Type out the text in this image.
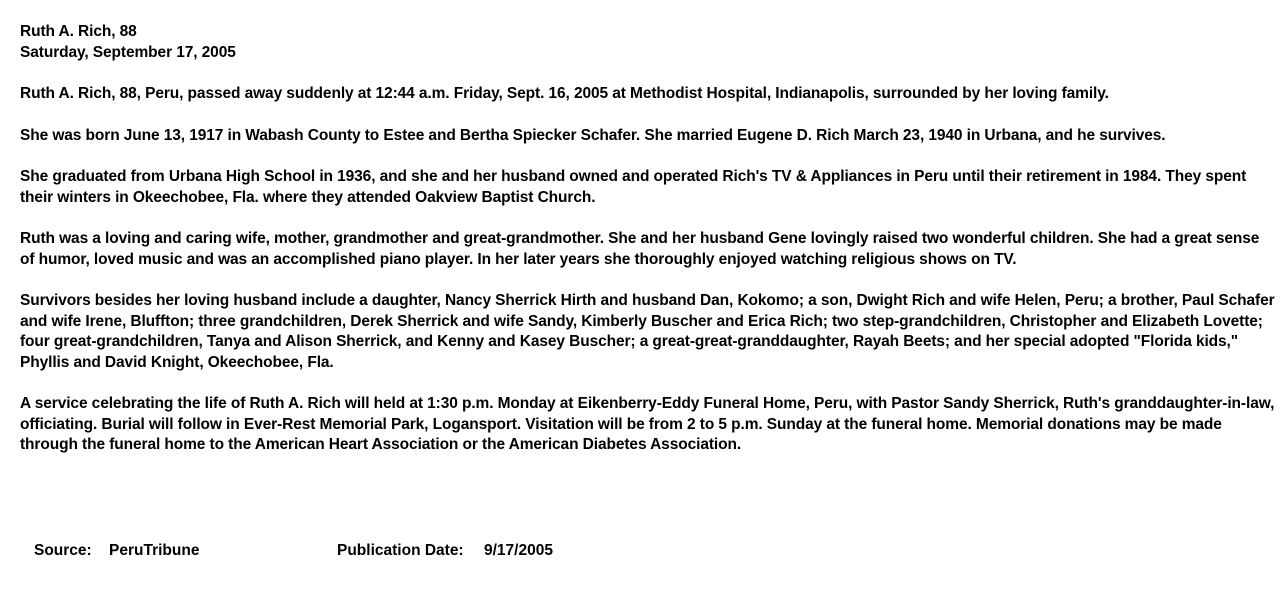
Ruth A. Rich, 88
Saturday, September 17, 2005

Ruth A. Rich, 88, Peru, passed away suddenly at 12:44 a.m. Friday, Sept. 16, 2005 at Methodist Hospital, Indianapolis, surrounded by her loving family.

She was born June 13, 1917 in Wabash County to Estee and Bertha Spiecker Schafer. She married Eugene D. Rich March 23, 1940 in Urbana, and he survives.

She graduated from Urbana High School in 1936, and she and her husband owned and operated Rich's TV & Appliances in Peru until their retirement in 1984. They spent their winters in Okeechobee, Fla. where they attended Oakview Baptist Church.

Ruth was a loving and caring wife, mother, grandmother and great-grandmother. She and her husband Gene lovingly raised two wonderful children. She had a great sense of humor, loved music and was an accomplished piano player. In her later years she thoroughly enjoyed watching religious shows on TV.

Survivors besides her loving husband include a daughter, Nancy Sherrick Hirth and husband Dan, Kokomo; a son, Dwight Rich and wife Helen, Peru; a brother, Paul Schafer and wife Irene, Bluffton; three grandchildren, Derek Sherrick and wife Sandy, Kimberly Buscher and Erica Rich; two step-grandchildren, Christopher and Elizabeth Lovette; four great-grandchildren, Tanya and Alison Sherrick, and Kenny and Kasey Buscher; a great-great-granddaughter, Rayah Beets; and her special adopted "Florida kids," Phyllis and David Knight, Okeechobee, Fla.

A service celebrating the life of Ruth A. Rich will held at 1:30 p.m. Monday at Eikenberry-Eddy Funeral Home, Peru, with Pastor Sandy Sherrick, Ruth's granddaughter-in-law, officiating. Burial will follow in Ever-Rest Memorial Park, Logansport. Visitation will be from 2 to 5 p.m. Sunday at the funeral home. Memorial donations may be made through the funeral home to the American Heart Association or the American Diabetes Association.

Source: PeruTribune	Publication Date: 9/17/2005
